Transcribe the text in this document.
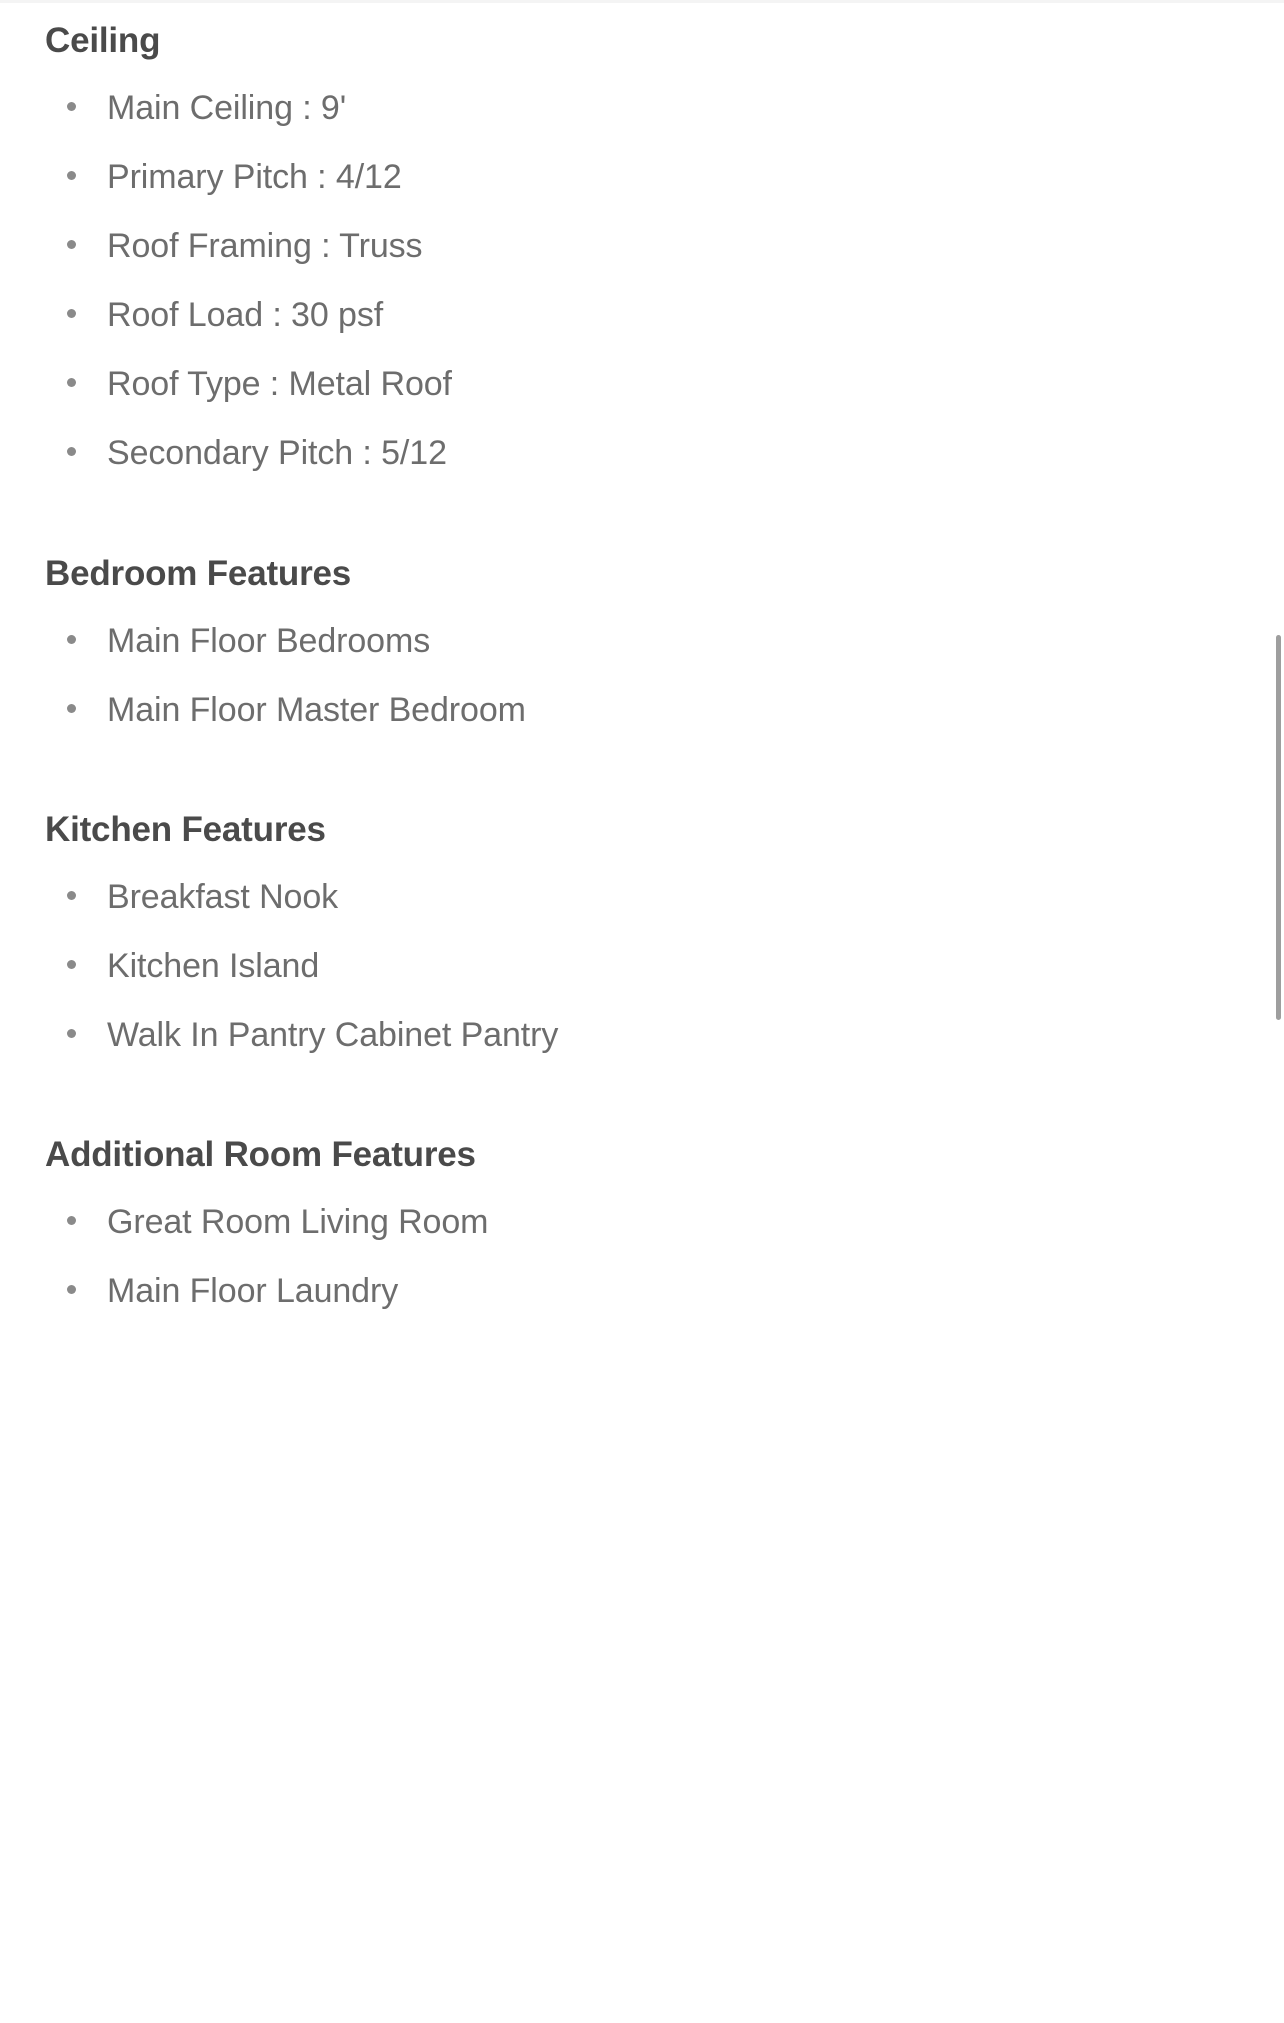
Ceiling
Main Ceiling : 9'
Primary Pitch : 4/12
Roof Framing : Truss
Roof Load : 30 psf
Roof Type : Metal Roof
Secondary Pitch : 5/12
Bedroom Features
Main Floor Bedrooms
Main Floor Master Bedroom
Kitchen Features
Breakfast Nook
Kitchen Island
Walk In Pantry Cabinet Pantry
Additional Room Features
Great Room Living Room
Main Floor Laundry
